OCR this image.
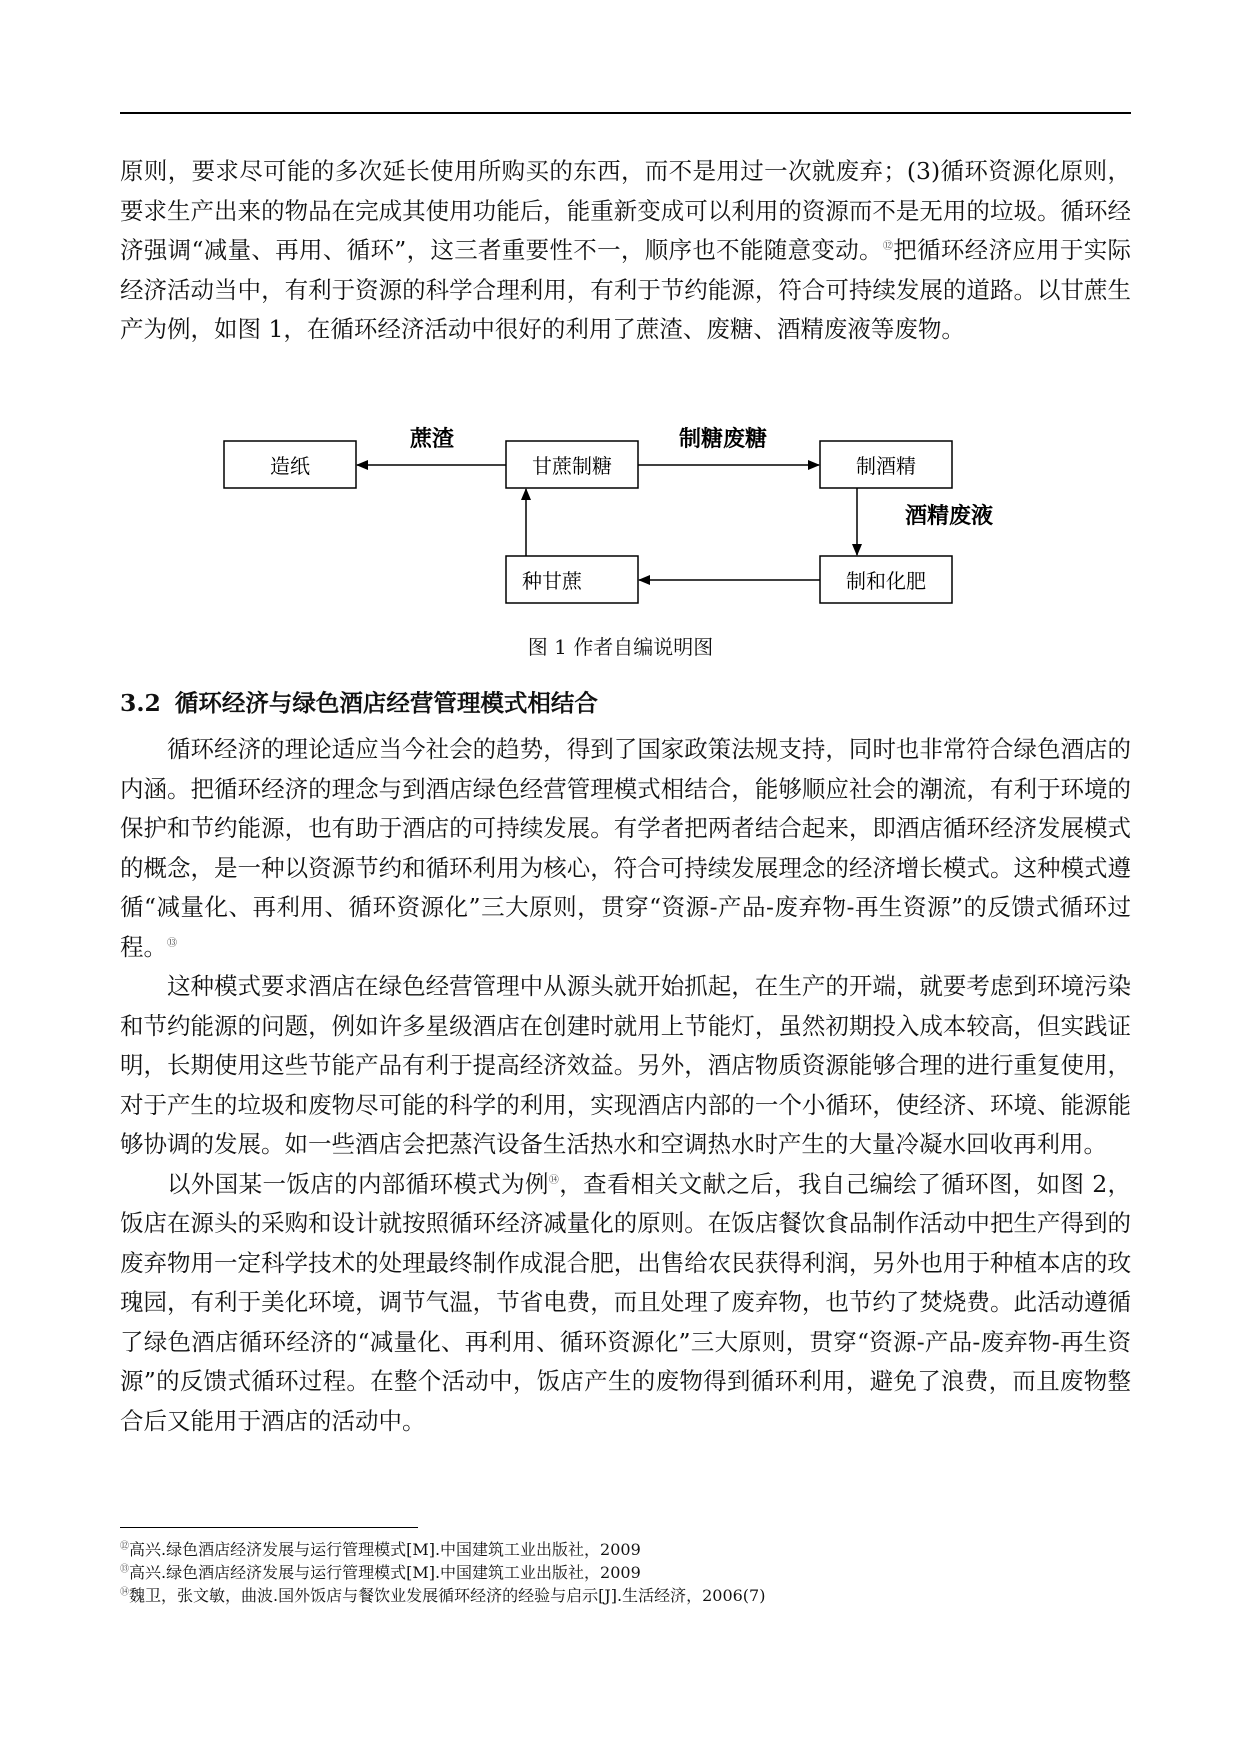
原则，要求尽可能的多次延长使用所购买的东西，而不是用过一次就废弃；(3)循环资源化原则，要求生产出来的物品在完成其使用功能后，能重新变成可以利用的资源而不是无用的垃圾。循环经济强调“减量、再用、循环”，这三者重要性不一，顺序也不能随意变动。⑫把循环经济应用于实际经济活动当中，有利于资源的科学合理利用，有利于节约能源，符合可持续发展的道路。以甘蔗生产为例，如图 1，在循环经济活动中很好的利用了蔗渣、废糖、酒精废液等废物。

造纸	甘蔗制糖	制酒精
种甘蔗	制和化肥
蔗渣	制糖废糖
酒精废液
图 1 作者自编说明图
3.2 循环经济与绿色酒店经营管理模式相结合

循环经济的理论适应当今社会的趋势，得到了国家政策法规支持，同时也非常符合绿色酒店的内涵。把循环经济的理念与到酒店绿色经营管理模式相结合，能够顺应社会的潮流，有利于环境的保护和节约能源，也有助于酒店的可持续发展。有学者把两者结合起来，即酒店循环经济发展模式的概念，是一种以资源节约和循环利用为核心，符合可持续发展理念的经济增长模式。这种模式遵循“减量化、再利用、循环资源化”三大原则，贯穿“资源-产品-废弃物-再生资源”的反馈式循环过程。⑬

这种模式要求酒店在绿色经营管理中从源头就开始抓起，在生产的开端，就要考虑到环境污染和节约能源的问题，例如许多星级酒店在创建时就用上节能灯，虽然初期投入成本较高，但实践证明，长期使用这些节能产品有利于提高经济效益。另外，酒店物质资源能够合理的进行重复使用，对于产生的垃圾和废物尽可能的科学的利用，实现酒店内部的一个小循环，使经济、环境、能源能够协调的发展。如一些酒店会把蒸汽设备生活热水和空调热水时产生的大量冷凝水回收再利用。

以外国某一饭店的内部循环模式为例⑭，查看相关文献之后，我自己编绘了循环图，如图 2，饭店在源头的采购和设计就按照循环经济减量化的原则。在饭店餐饮食品制作活动中把生产得到的废弃物用一定科学技术的处理最终制作成混合肥，出售给农民获得利润，另外也用于种植本店的玫瑰园，有利于美化环境，调节气温，节省电费，而且处理了废弃物，也节约了焚烧费。此活动遵循了绿色酒店循环经济的“减量化、再利用、循环资源化”三大原则，贯穿“资源-产品-废弃物-再生资源”的反馈式循环过程。在整个活动中，饭店产生的废物得到循环利用，避免了浪费，而且废物整合后又能用于酒店的活动中。

⑫高兴.绿色酒店经济发展与运行管理模式[M].中国建筑工业出版社，2009
⑬高兴.绿色酒店经济发展与运行管理模式[M].中国建筑工业出版社，2009
⑭魏卫，张文敏，曲波.国外饭店与餐饮业发展循环经济的经验与启示[J].生活经济，2006(7)
